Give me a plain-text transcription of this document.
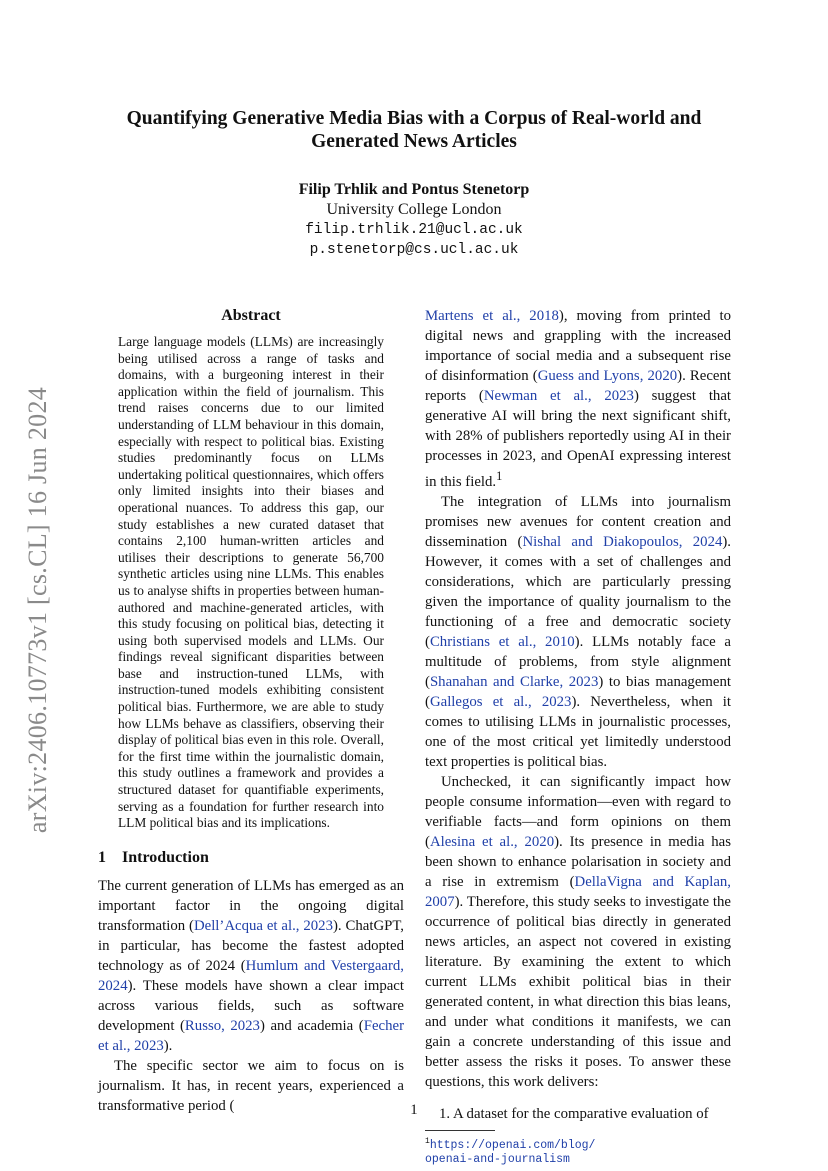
arXiv:2406.10773v1 [cs.CL] 16 Jun 2024
Quantifying Generative Media Bias with a Corpus of Real-world and Generated News Articles
Filip Trhlik and Pontus Stenetorp
University College London
filip.trhlik.21@ucl.ac.uk
p.stenetorp@cs.ucl.ac.uk
Abstract

Large language models (LLMs) are increasingly being utilised across a range of tasks and domains, with a burgeoning interest in their application within the field of journalism. This trend raises concerns due to our limited understanding of LLM behaviour in this domain, especially with respect to political bias. Existing studies predominantly focus on LLMs undertaking political questionnaires, which offers only limited insights into their biases and operational nuances. To address this gap, our study establishes a new curated dataset that contains 2,100 human-written articles and utilises their descriptions to generate 56,700 synthetic articles using nine LLMs. This enables us to analyse shifts in properties between human-authored and machine-generated articles, with this study focusing on political bias, detecting it using both supervised models and LLMs. Our findings reveal significant disparities between base and instruction-tuned LLMs, with instruction-tuned models exhibiting consistent political bias. Furthermore, we are able to study how LLMs behave as classifiers, observing their display of political bias even in this role. Overall, for the first time within the journalistic domain, this study outlines a framework and provides a structured dataset for quantifiable experiments, serving as a foundation for further research into LLM political bias and its implications.

1 Introduction

The current generation of LLMs has emerged as an important factor in the ongoing digital transformation (Dell’Acqua et al., 2023). ChatGPT, in particular, has become the fastest adopted technology as of 2024 (Humlum and Vestergaard, 2024). These models have shown a clear impact across various fields, such as software development (Russo, 2023) and academia (Fecher et al., 2023).

The specific sector we aim to focus on is journalism. It has, in recent years, experienced a transformative period (

Martens et al., 2018), moving from printed to digital news and grappling with the increased importance of social media and a subsequent rise of disinformation (Guess and Lyons, 2020). Recent reports (Newman et al., 2023) suggest that generative AI will bring the next significant shift, with 28% of publishers reportedly using AI in their processes in 2023, and OpenAI expressing interest in this field.$^1$

The integration of LLMs into journalism promises new avenues for content creation and dissemination (Nishal and Diakopoulos, 2024). However, it comes with a set of challenges and considerations, which are particularly pressing given the importance of quality journalism to the functioning of a free and democratic society (Christians et al., 2010). LLMs notably face a multitude of problems, from style alignment (Shanahan and Clarke, 2023) to bias management (Gallegos et al., 2023). Nevertheless, when it comes to utilising LLMs in journalistic processes, one of the most critical yet limitedly understood text properties is political bias.

Unchecked, it can significantly impact how people consume information—even with regard to verifiable facts—and form opinions on them (Alesina et al., 2020). Its presence in media has been shown to enhance polarisation in society and a rise in extremism (DellaVigna and Kaplan, 2007). Therefore, this study seeks to investigate the occurrence of political bias directly in generated news articles, an aspect not covered in existing literature. By examining the extent to which current LLMs exhibit political bias in their generated content, in what direction this bias leans, and under what conditions it manifests, we can gain a concrete understanding of this issue and better assess the risks it poses. To answer these questions, this work delivers:

1. A dataset for the comparative evaluation of
$^1$https://openai.com/blog/
openai-and-journalism
1
